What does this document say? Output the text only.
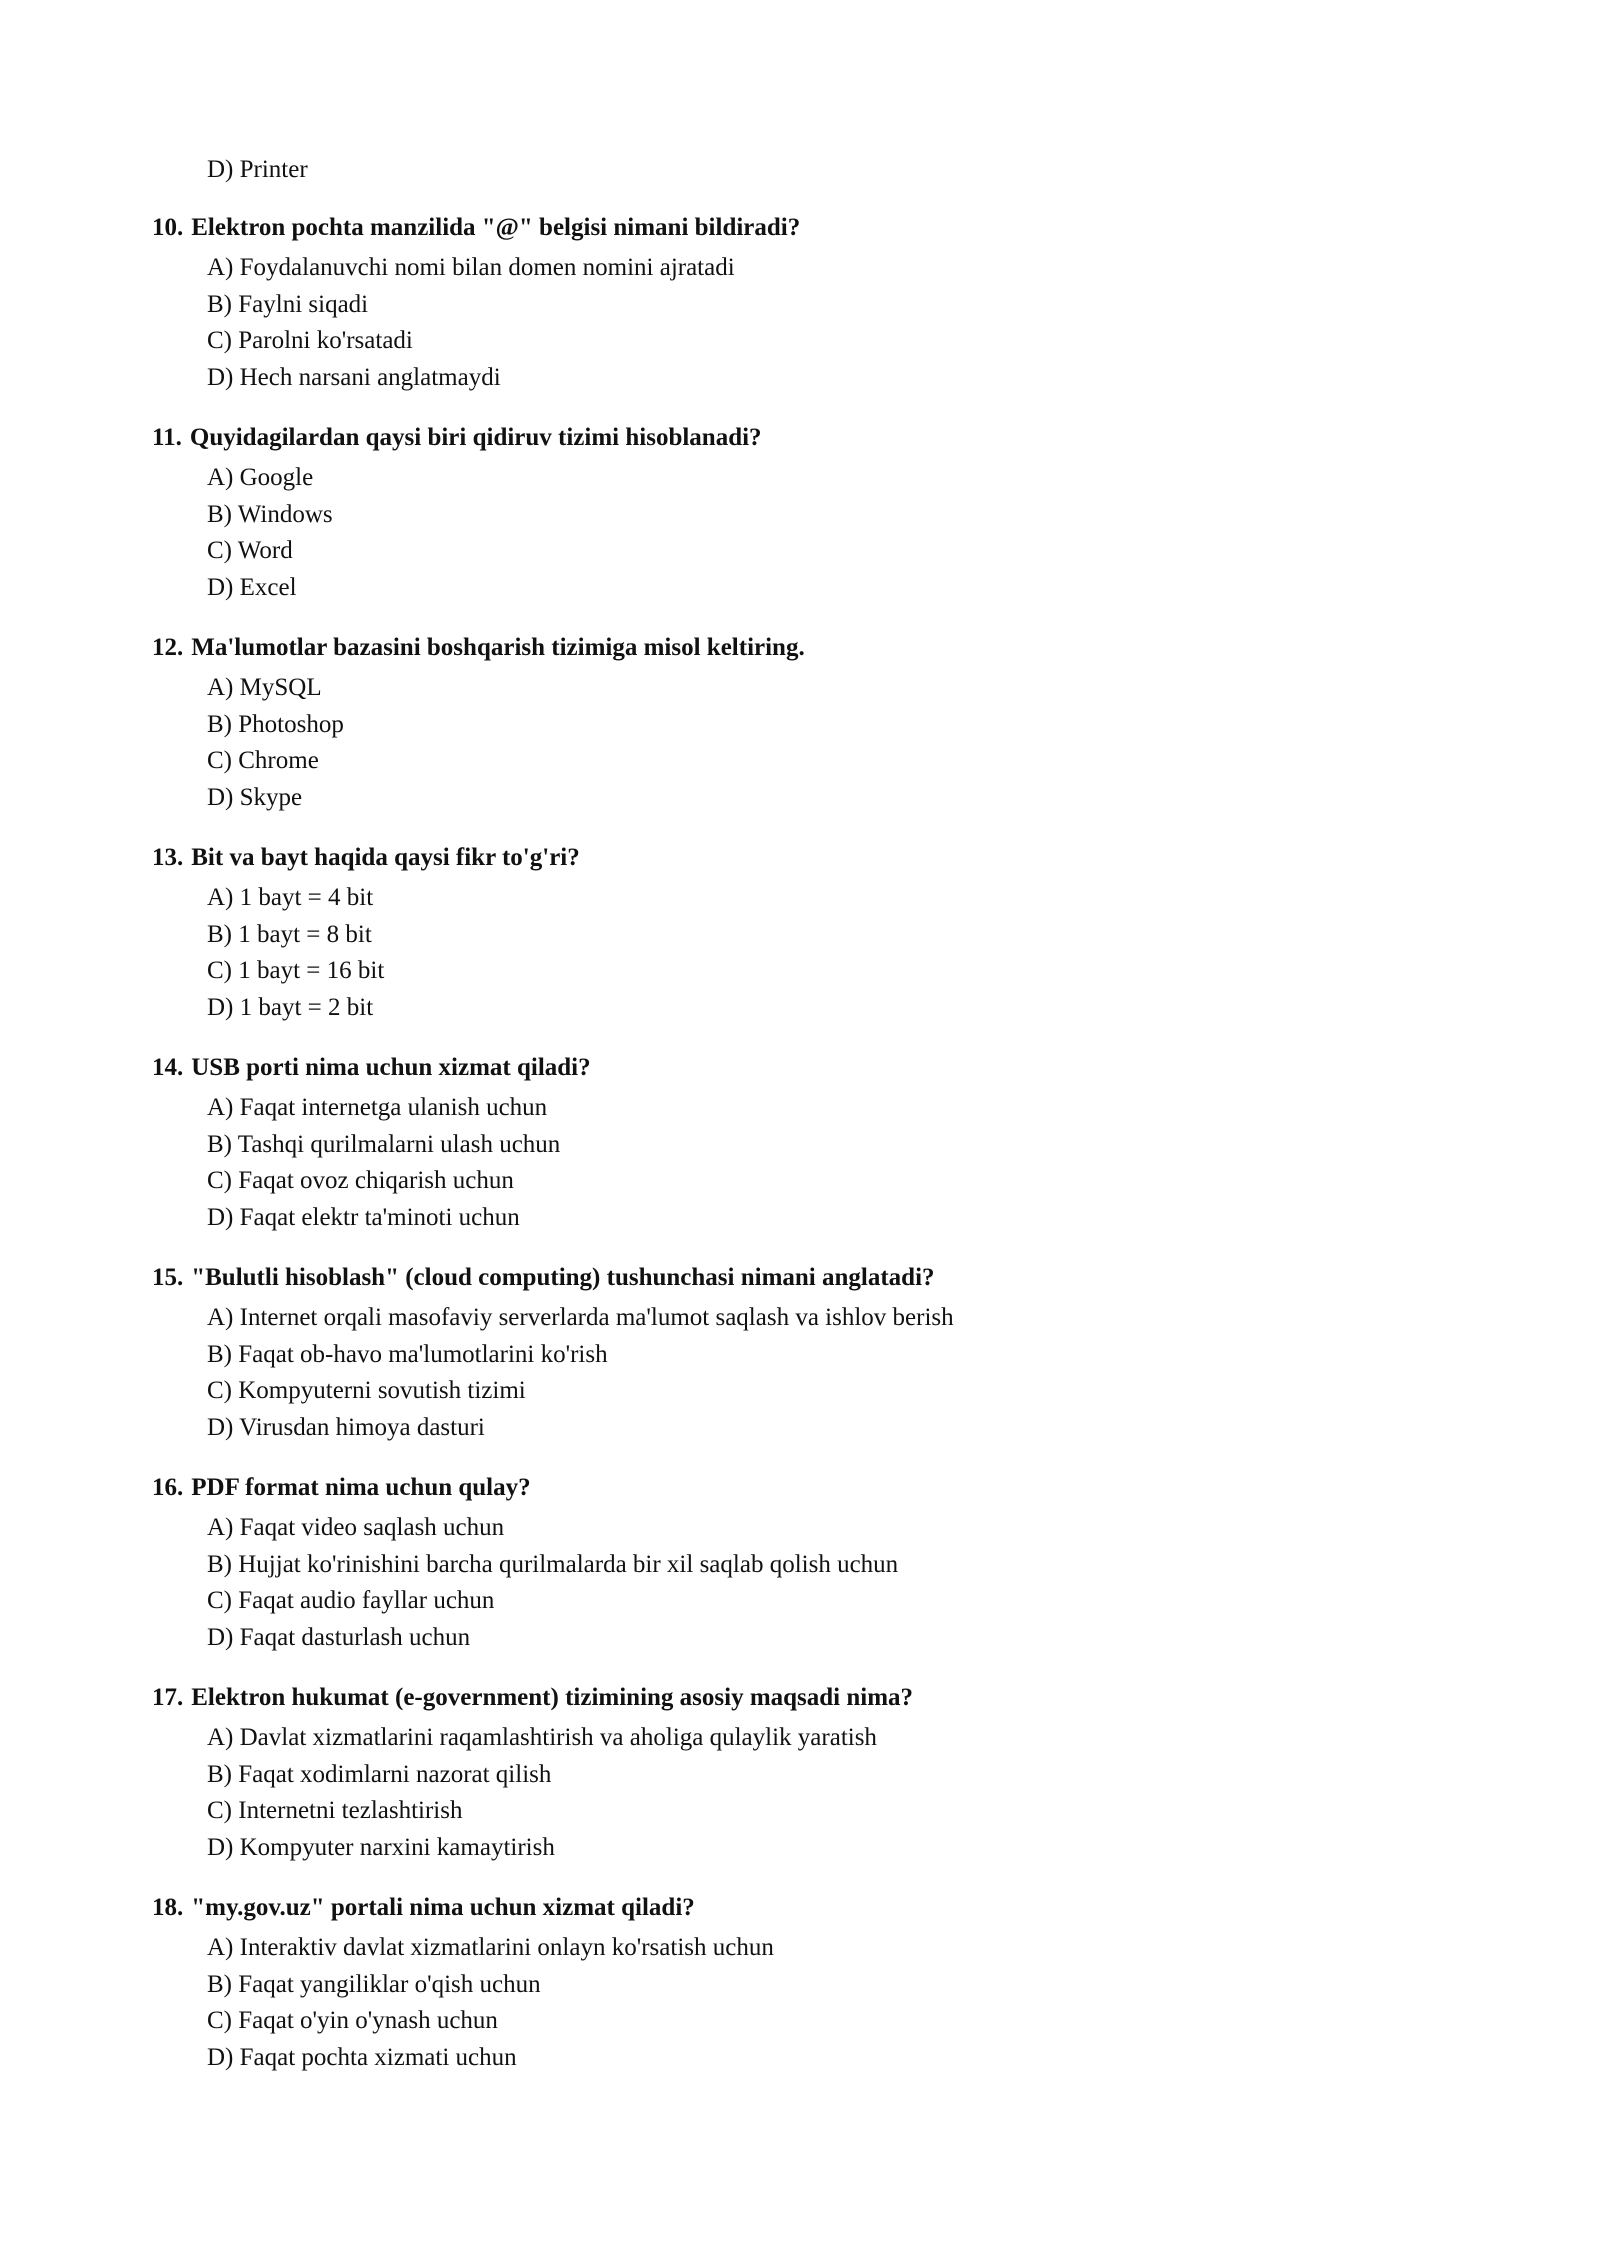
D) Printer
10. Elektron pochta manzilida "@" belgisi nimani bildiradi?
A) Foydalanuvchi nomi bilan domen nomini ajratadi
B) Faylni siqadi
C) Parolni ko'rsatadi
D) Hech narsani anglatmaydi
11. Quyidagilardan qaysi biri qidiruv tizimi hisoblanadi?
A) Google
B) Windows
C) Word
D) Excel
12. Ma'lumotlar bazasini boshqarish tizimiga misol keltiring.
A) MySQL
B) Photoshop
C) Chrome
D) Skype
13. Bit va bayt haqida qaysi fikr to'g'ri?
A) 1 bayt = 4 bit
B) 1 bayt = 8 bit
C) 1 bayt = 16 bit
D) 1 bayt = 2 bit
14. USB porti nima uchun xizmat qiladi?
A) Faqat internetga ulanish uchun
B) Tashqi qurilmalarni ulash uchun
C) Faqat ovoz chiqarish uchun
D) Faqat elektr ta'minoti uchun
15. "Bulutli hisoblash" (cloud computing) tushunchasi nimani anglatadi?
A) Internet orqali masofaviy serverlarda ma'lumot saqlash va ishlov berish
B) Faqat ob-havo ma'lumotlarini ko'rish
C) Kompyuterni sovutish tizimi
D) Virusdan himoya dasturi
16. PDF format nima uchun qulay?
A) Faqat video saqlash uchun
B) Hujjat ko'rinishini barcha qurilmalarda bir xil saqlab qolish uchun
C) Faqat audio fayllar uchun
D) Faqat dasturlash uchun
17. Elektron hukumat (e-government) tizimining asosiy maqsadi nima?
A) Davlat xizmatlarini raqamlashtirish va aholiga qulaylik yaratish
B) Faqat xodimlarni nazorat qilish
C) Internetni tezlashtirish
D) Kompyuter narxini kamaytirish
18. "my.gov.uz" portali nima uchun xizmat qiladi?
A) Interaktiv davlat xizmatlarini onlayn ko'rsatish uchun
B) Faqat yangiliklar o'qish uchun
C) Faqat o'yin o'ynash uchun
D) Faqat pochta xizmati uchun
